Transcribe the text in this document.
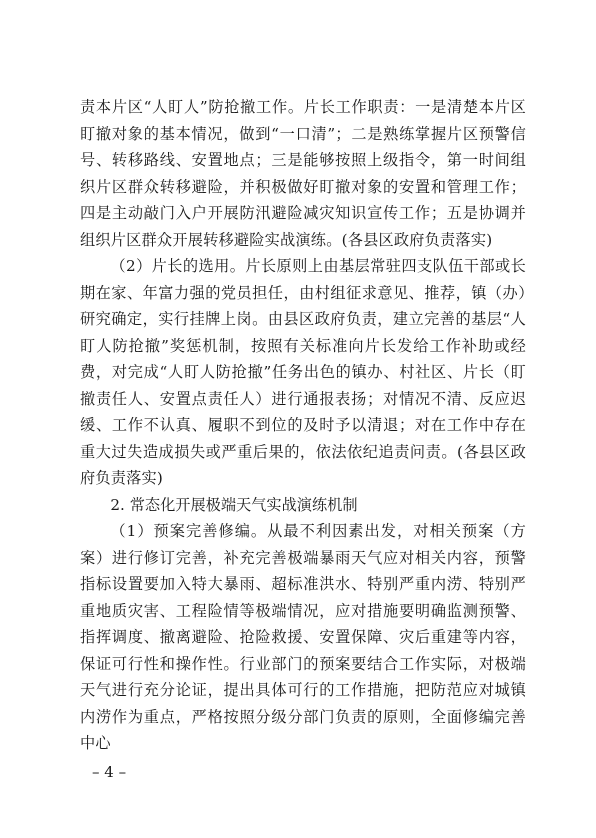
责本片区“人盯人”防抢撤工作。片长工作职责：一是清楚本片区盯撤对象的基本情况，做到“一口清”；二是熟练掌握片区预警信号、转移路线、安置地点；三是能够按照上级指令，第一时间组织片区群众转移避险，并积极做好盯撤对象的安置和管理工作；四是主动敲门入户开展防汛避险减灾知识宣传工作；五是协调并组织片区群众开展转移避险实战演练。(各县区政府负责落实)

（2）片长的选用。片长原则上由基层常驻四支队伍干部或长期在家、年富力强的党员担任，由村组征求意见、推荐，镇（办）研究确定，实行挂牌上岗。由县区政府负责，建立完善的基层“人盯人防抢撤”奖惩机制，按照有关标准向片长发给工作补助或经费，对完成“人盯人防抢撤”任务出色的镇办、村社区、片长（盯撤责任人、安置点责任人）进行通报表扬；对情况不清、反应迟缓、工作不认真、履职不到位的及时予以清退；对在工作中存在重大过失造成损失或严重后果的，依法依纪追责问责。(各县区政府负责落实)

2. 常态化开展极端天气实战演练机制

（1）预案完善修编。从最不利因素出发，对相关预案（方案）进行修订完善，补充完善极端暴雨天气应对相关内容，预警指标设置要加入特大暴雨、超标准洪水、特别严重内涝、特别严重地质灾害、工程险情等极端情况，应对措施要明确监测预警、指挥调度、撤离避险、抢险救援、安置保障、灾后重建等内容，保证可行性和操作性。行业部门的预案要结合工作实际，对极端天气进行充分论证，提出具体可行的工作措施，把防范应对城镇内涝作为重点，严格按照分级分部门负责的原则，全面修编完善中心

– 4 –
